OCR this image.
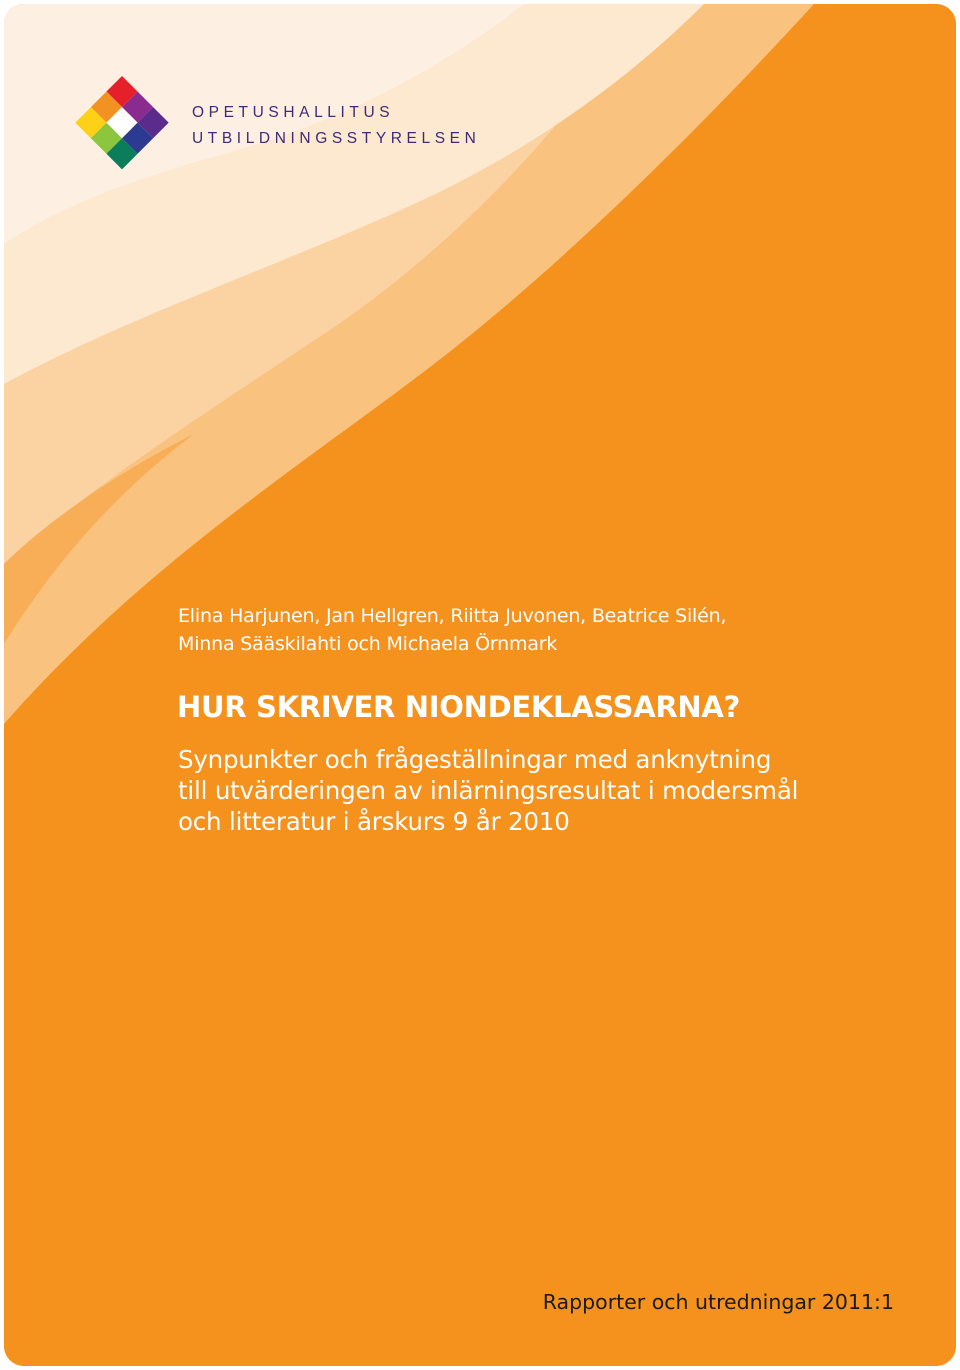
OPETUSHALLITUS
UTBILDNINGSSTYRELSEN
Elina Harjunen, Jan Hellgren, Riitta Juvonen, Beatrice Silén,
Minna Sääskilahti och Michaela Örnmark
HUR SKRIVER NIONDEKLASSARNA?
Synpunkter och frågeställningar med anknytning
till utvärderingen av inlärningsresultat i modersmål
och litteratur i årskurs 9 år 2010
Rapporter och utredningar 2011:1
